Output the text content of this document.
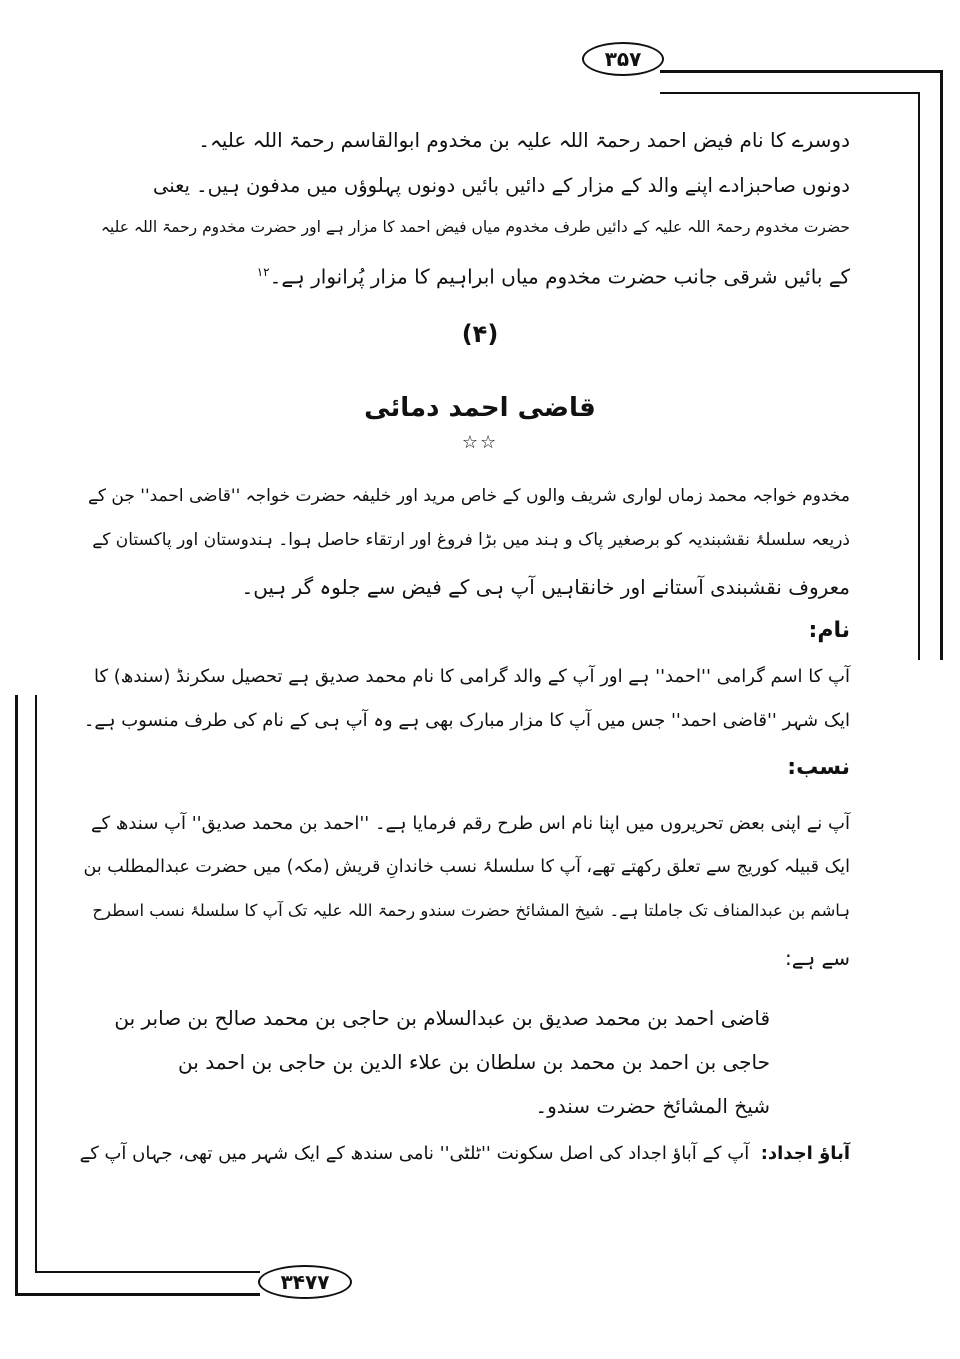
۳۵۷
۳۴۷۷
دوسرے کا نام فیض احمد رحمۃ اللہ علیہ بن مخدوم ابوالقاسم رحمۃ اللہ علیہ۔
دونوں صاحبزادے اپنے والد کے مزار کے دائیں بائیں دونوں پہلوؤں میں مدفون ہیں۔ یعنی
حضرت مخدوم رحمۃ اللہ علیہ کے دائیں طرف مخدوم میاں فیض احمد کا مزار ہے اور حضرت مخدوم رحمۃ اللہ علیہ
کے بائیں شرقی جانب حضرت مخدوم میاں ابراہیم کا مزار پُرانوار ہے۔$^{١٢}$
(۴)
قاضی احمد دمائی
☆☆
مخدوم خواجہ محمد زماں لواری شریف والوں کے خاص مرید اور خلیفہ حضرت خواجہ ''قاضی احمد'' جن کے
ذریعہ سلسلۂ نقشبندیہ کو برصغیر پاک و ہند میں بڑا فروغ اور ارتقاء حاصل ہوا۔ ہندوستان اور پاکستان کے
معروف نقشبندی آستانے اور خانقاہیں آپ ہی کے فیض سے جلوہ گر ہیں۔
نام:
آپ کا اسم گرامی ''احمد'' ہے اور آپ کے والد گرامی کا نام محمد صدیق ہے تحصیل سکرنڈ (سندھ) کا
ایک شہر ''قاضی احمد'' جس میں آپ کا مزار مبارک بھی ہے وہ آپ ہی کے نام کی طرف منسوب ہے۔
نسب:
آپ نے اپنی بعض تحریروں میں اپنا نام اس طرح رقم فرمایا ہے۔ ''احمد بن محمد صدیق'' آپ سندھ کے
ایک قبیلہ کوریج سے تعلق رکھتے تھے، آپ کا سلسلۂ نسب خاندانِ قریش (مکہ) میں حضرت عبدالمطلب بن
ہاشم بن عبدالمناف تک جاملتا ہے۔ شیخ المشائخ حضرت سندو رحمۃ اللہ علیہ تک آپ کا سلسلۂ نسب اسطرح
سے ہے:
قاضی احمد بن محمد صدیق بن عبدالسلام بن حاجی بن محمد صالح بن صابر بن
حاجی بن احمد بن محمد بن سلطان بن علاء الدین بن حاجی بن احمد بن
شیخ المشائخ حضرت سندو۔
آباؤ اجداد:  آپ کے آباؤ اجداد کی اصل سکونت ''ٹلٹی'' نامی سندھ کے ایک شہر میں تھی، جہاں آپ کے
